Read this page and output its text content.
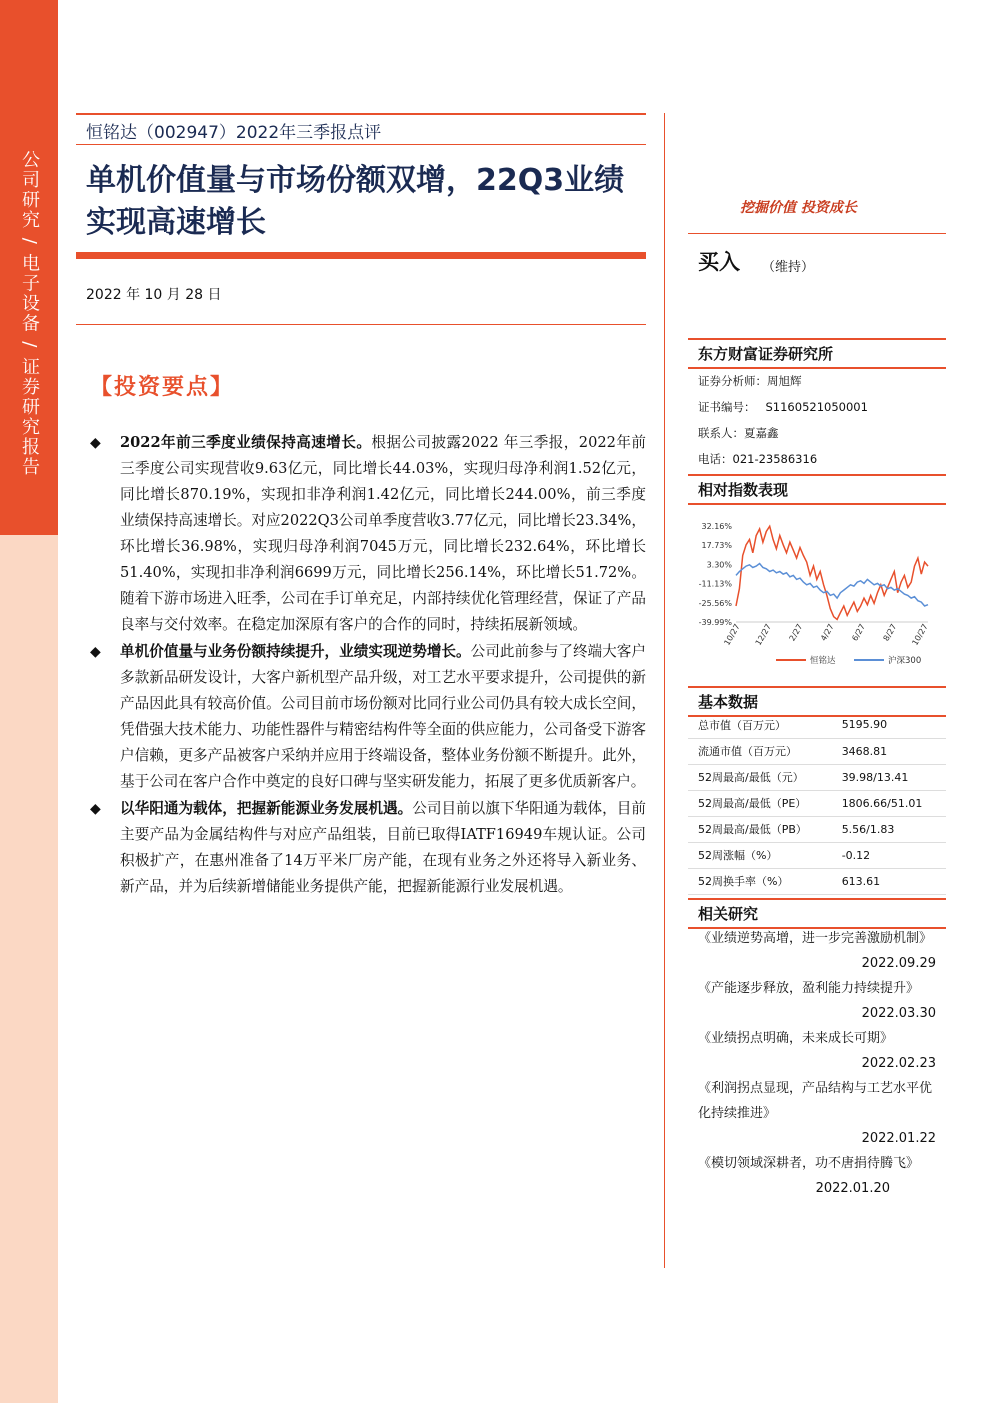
公司研究 / 电子设备 / 证券研究报告
恒铭达（002947）2022年三季报点评
单机价值量与市场份额双增，22Q3业绩
实现高速增长
2022 年 10 月 28 日
【投资要点】
◆ 2022年前三季度业绩保持高速增长。根据公司披露2022 年三季报，2022年前三季度公司实现营收9.63亿元，同比增长44.03%，实现归母净利润1.52亿元，同比增长870.19%，实现扣非净利润1.42亿元，同比增长244.00%，前三季度业绩保持高速增长。对应2022Q3公司单季度营收3.77亿元，同比增长23.34%，环比增长36.98%，实现归母净利润7045万元，同比增长232.64%，环比增长51.40%，实现扣非净利润6699万元，同比增长256.14%，环比增长51.72%。随着下游市场进入旺季，公司在手订单充足，内部持续优化管理经营，保证了产品良率与交付效率。在稳定加深原有客户的合作的同时，持续拓展新领域。
◆ 单机价值量与业务份额持续提升，业绩实现逆势增长。公司此前参与了终端大客户多款新品研发设计，大客户新机型产品升级，对工艺水平要求提升，公司提供的新产品因此具有较高价值。公司目前市场份额对比同行业公司仍具有较大成长空间，凭借强大技术能力、功能性器件与精密结构件等全面的供应能力，公司备受下游客户信赖，更多产品被客户采纳并应用于终端设备，整体业务份额不断提升。此外，基于公司在客户合作中奠定的良好口碑与坚实研发能力，拓展了更多优质新客户。
◆ 以华阳通为载体，把握新能源业务发展机遇。公司目前以旗下华阳通为载体，目前主要产品为金属结构件与对应产品组装，目前已取得IATF16949车规认证。公司积极扩产，在惠州准备了14万平米厂房产能，在现有业务之外还将导入新业务、新产品，并为后续新增储能业务提供产能，把握新能源行业发展机遇。
挖掘价值 投资成长
买入 （维持）
东方财富证券研究所
证券分析师：周旭辉
证书编号： S1160521050001
联系人：夏嘉鑫
电话：021-23586316
相对指数表现
32.16%
17.73%
3.30%
-11.13%
-25.56%
-39.99%
10/27 12/27 2/27 4/27 6/27 8/27 10/27
恒铭达	沪深300
基本数据
总市值（百万元）	5195.90
流通市值（百万元）	3468.81
52周最高/最低（元）	39.98/13.41
52周最高/最低（PE）	1806.66/51.01
52周最高/最低（PB）	5.56/1.83
52周涨幅（%）	-0.12
52周换手率（%）	613.61
相关研究
《业绩逆势高增，进一步完善激励机制》
2022.09.29
《产能逐步释放，盈利能力持续提升》
2022.03.30
《业绩拐点明确，未来成长可期》
2022.02.23
《利润拐点显现，产品结构与工艺水平优化持续推进》
2022.01.22
《模切领域深耕者，功不唐捐待腾飞》
2022.01.20
